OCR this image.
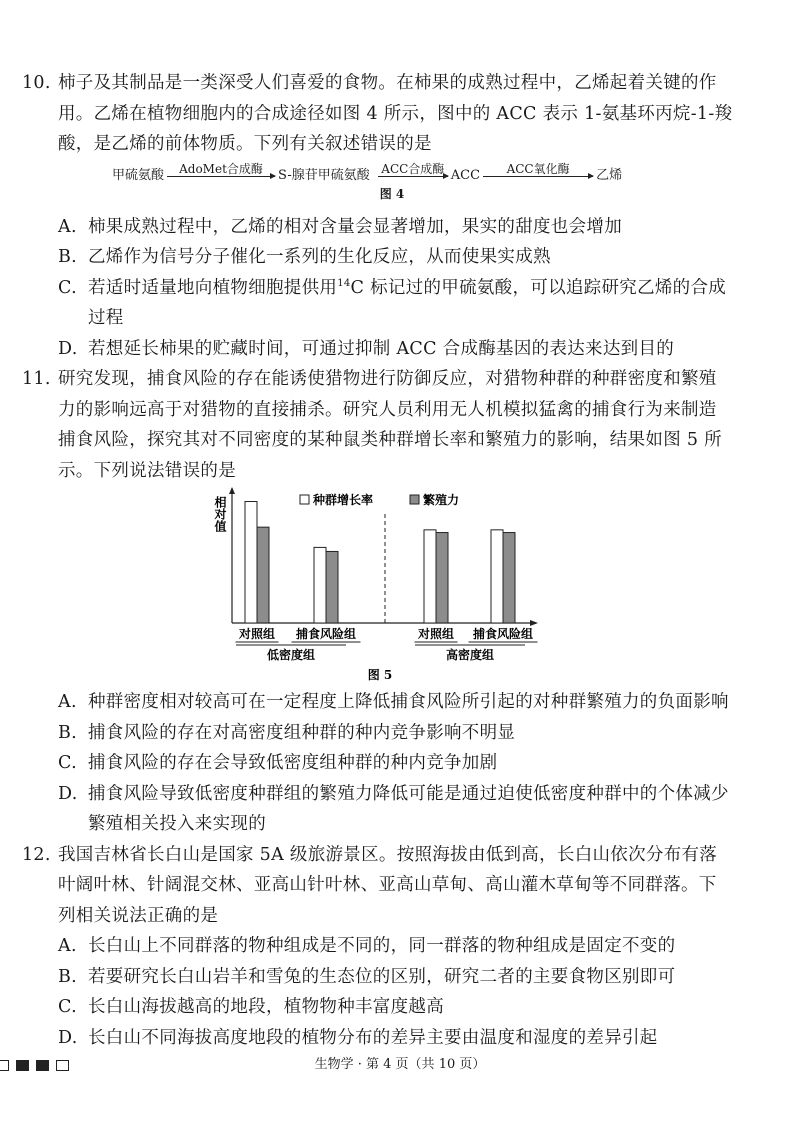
10. 柿子及其制品是一类深受人们喜爱的食物。在柿果的成熟过程中，乙烯起着关键的作用。乙烯在植物细胞内的合成途径如图 4 所示，图中的 ACC 表示 1-氨基环丙烷-1-羧酸，是乙烯的前体物质。下列有关叙述错误的是
甲硫氨酸 AdoMet合成酶 S-腺苷甲硫氨酸 ACC合成酶 ACC ACC氧化酶 乙烯
图 4
A. 柿果成熟过程中，乙烯的相对含量会显著增加，果实的甜度也会增加
B. 乙烯作为信号分子催化一系列的生化反应，从而使果实成熟
C. 若适时适量地向植物细胞提供用$^{14}$C 标记过的甲硫氨酸，可以追踪研究乙烯的合成过程
D. 若想延长柿果的贮藏时间，可通过抑制 ACC 合成酶基因的表达来达到目的
11. 研究发现，捕食风险的存在能诱使猎物进行防御反应，对猎物种群的种群密度和繁殖力的影响远高于对猎物的直接捕杀。研究人员利用无人机模拟猛禽的捕食行为来制造捕食风险，探究其对不同密度的某种鼠类种群增长率和繁殖力的影响，结果如图 5 所示。下列说法错误的是
相对值	种群增长率	繁殖力
对照组 捕食风险组	对照组 捕食风险组
低密度组	高密度组
图 5
A. 种群密度相对较高可在一定程度上降低捕食风险所引起的对种群繁殖力的负面影响
B. 捕食风险的存在对高密度组种群的种内竞争影响不明显
C. 捕食风险的存在会导致低密度组种群的种内竞争加剧
D. 捕食风险导致低密度种群组的繁殖力降低可能是通过迫使低密度种群中的个体减少繁殖相关投入来实现的
12. 我国吉林省长白山是国家 5A 级旅游景区。按照海拔由低到高，长白山依次分布有落叶阔叶林、针阔混交林、亚高山针叶林、亚高山草甸、高山灌木草甸等不同群落。下列相关说法正确的是
A. 长白山上不同群落的物种组成是不同的，同一群落的物种组成是固定不变的
B. 若要研究长白山岩羊和雪兔的生态位的区别，研究二者的主要食物区别即可
C. 长白山海拔越高的地段，植物物种丰富度越高
D. 长白山不同海拔高度地段的植物分布的差异主要由温度和湿度的差异引起
生物学 · 第 4 页（共 10 页）
